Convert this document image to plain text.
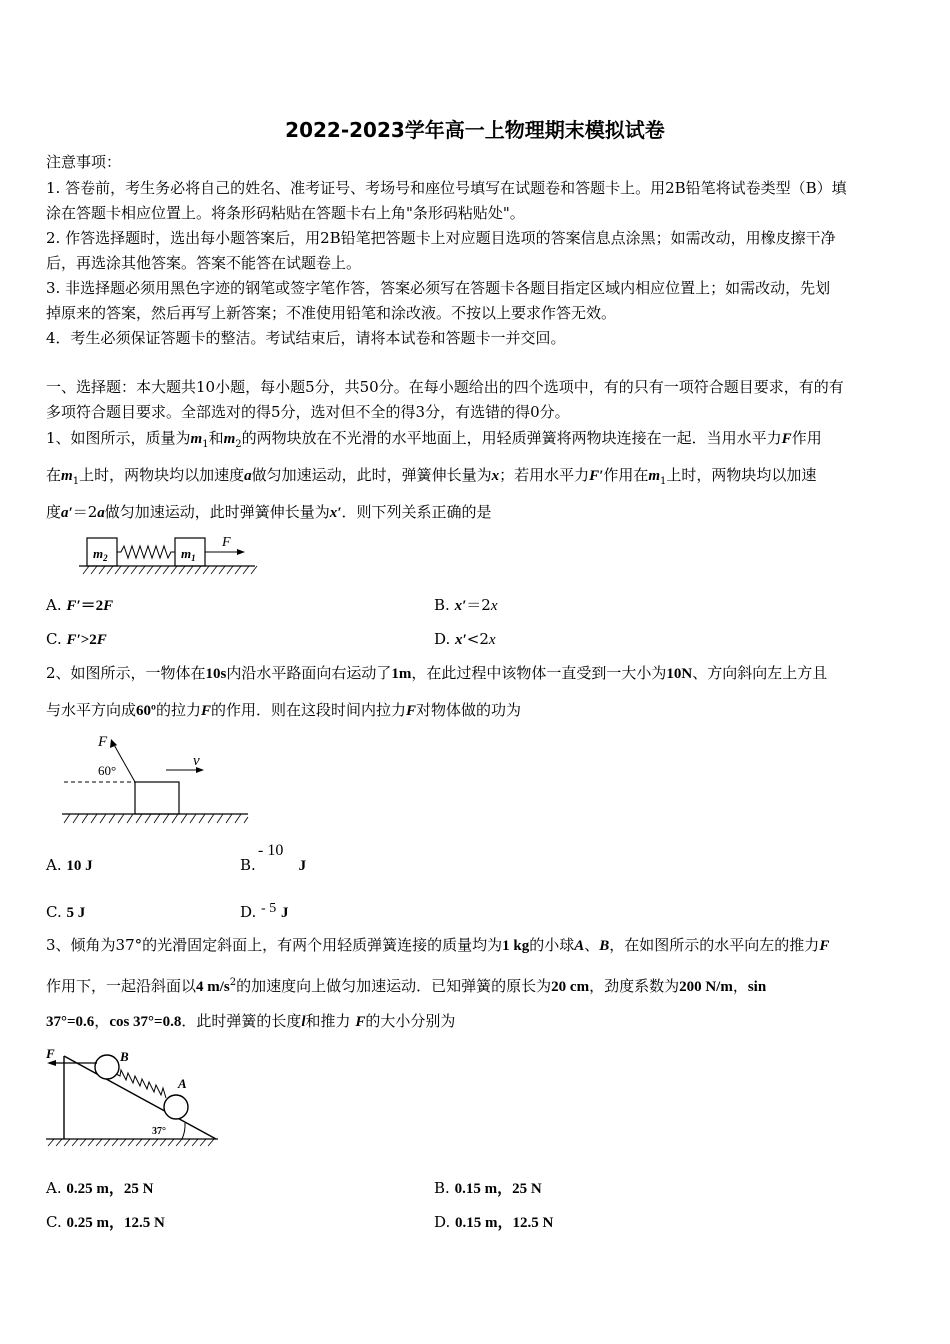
2022-2023学年高一上物理期末模拟试卷
注意事项：
1. 答卷前，考生务必将自己的姓名、准考证号、考场号和座位号填写在试题卷和答题卡上。用2B铅笔将试卷类型（B）填
涂在答题卡相应位置上。将条形码粘贴在答题卡右上角"条形码粘贴处"。
2. 作答选择题时，选出每小题答案后，用2B铅笔把答题卡上对应题目选项的答案信息点涂黑；如需改动，用橡皮擦干净
后，再选涂其他答案。答案不能答在试题卷上。
3. 非选择题必须用黑色字迹的钢笔或签字笔作答，答案必须写在答题卡各题目指定区域内相应位置上；如需改动，先划
掉原来的答案，然后再写上新答案；不准使用铅笔和涂改液。不按以上要求作答无效。
4．考生必须保证答题卡的整洁。考试结束后，请将本试卷和答题卡一并交回。
一、选择题：本大题共10小题，每小题5分，共50分。在每小题给出的四个选项中，有的只有一项符合题目要求，有的有
多项符合题目要求。全部选对的得5分，选对但不全的得3分，有选错的得0分。
1、如图所示，质量为$m_1$和$m_2$的两物块放在不光滑的水平地面上，用轻质弹簧将两物块连接在一起．当用水平力F作用
在$m_1$上时，两物块均以加速度a做匀加速运动，此时，弹簧伸长量为x；若用水平力F′作用在$m_1$上时，两物块均以加速
度a′＝2a做匀加速运动，此时弹簧伸长量为x′．则下列关系正确的是
$m_2$	$m_1$
F
A. F′＝2F	B. x′＝2x
C. F′>2F	D. x′<2x
2、如图所示，一物体在10s内沿水平路面向右运动了1m，在此过程中该物体一直受到一大小为10N、方向斜向左上方且
与水平方向成60º的拉力F的作用．则在这段时间内拉力F对物体做的功为
F
60°
v
A. 10 J	B.
- 10
J
C. 5 J	D. - 5 J
3、倾角为37°的光滑固定斜面上，有两个用轻质弹簧连接的质量均为1 kg的小球A、B，在如图所示的水平向左的推力F
作用下，一起沿斜面以4 $m/s^2$的加速度向上做匀加速运动．已知弹簧的原长为20 cm，劲度系数为200 N/m，sin
37°=0.6，cos 37°=0.8．此时弹簧的长度l和推力 F的大小分别为
F	B
A
37°
A. 0.25 m，25 N	B. 0.15 m，25 N
C. 0.25 m，12.5 N	D. 0.15 m，12.5 N
